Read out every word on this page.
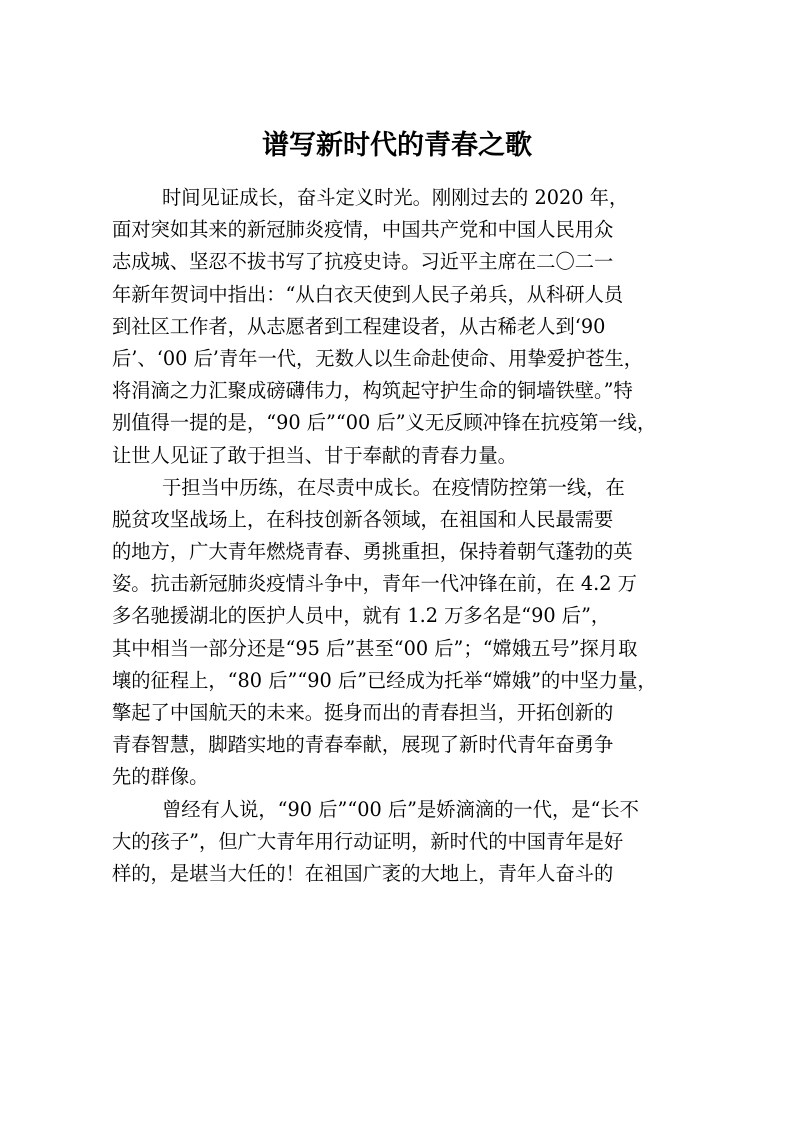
谱写新时代的青春之歌
时间见证成长，奋斗定义时光。刚刚过去的 2020 年，
面对突如其来的新冠肺炎疫情，中国共产党和中国人民用众
志成城、坚忍不拔书写了抗疫史诗。习近平主席在二〇二一
年新年贺词中指出：“从白衣天使到人民子弟兵，从科研人员
到社区工作者，从志愿者到工程建设者，从古稀老人到‘90
后’、‘00 后’青年一代，无数人以生命赴使命、用挚爱护苍生，
将涓滴之力汇聚成磅礴伟力，构筑起守护生命的铜墙铁壁。”特
别值得一提的是，“90 后”“00 后”义无反顾冲锋在抗疫第一线，
让世人见证了敢于担当、甘于奉献的青春力量。
于担当中历练，在尽责中成长。在疫情防控第一线，在
脱贫攻坚战场上，在科技创新各领域，在祖国和人民最需要
的地方，广大青年燃烧青春、勇挑重担，保持着朝气蓬勃的英
姿。抗击新冠肺炎疫情斗争中，青年一代冲锋在前，在 4.2 万
多名驰援湖北的医护人员中，就有 1.2 万多名是“90 后”，
其中相当一部分还是“95 后”甚至“00 后”；“嫦娥五号”探月取
壤的征程上，“80 后”“90 后”已经成为托举“嫦娥”的中坚力量，
擎起了中国航天的未来。挺身而出的青春担当，开拓创新的
青春智慧，脚踏实地的青春奉献，展现了新时代青年奋勇争
先的群像。
曾经有人说，“90 后”“00 后”是娇滴滴的一代，是“长不
大的孩子”，但广大青年用行动证明，新时代的中国青年是好
样的，是堪当大任的！在祖国广袤的大地上，青年人奋斗的
